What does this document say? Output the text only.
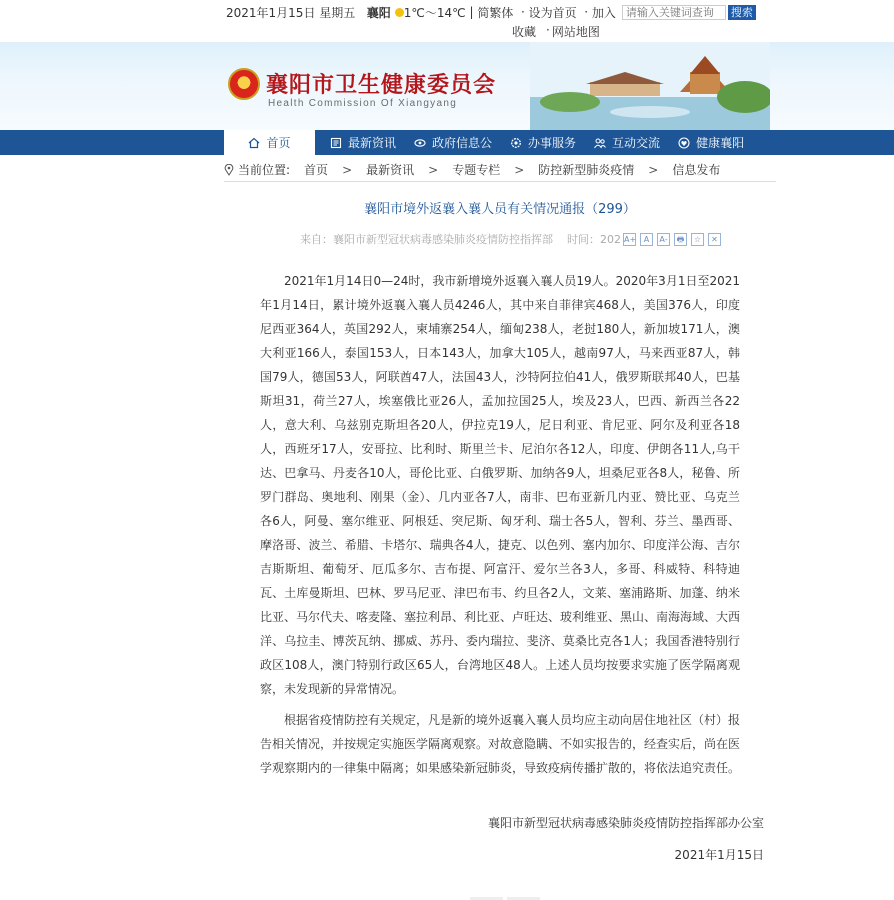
2021年1月15日
星期五
襄阳 1℃～14℃
|
简繁体 · 设为首页 · 加入
请输入关键词查询	搜索
收藏 · 网站地图
襄阳市卫生健康委员会
Health Commission Of Xiangyang
首页	最新资讯	政府信息公	办事服务	互动交流	健康襄阳
当前位置: 首页 > 最新资讯 > 专题专栏 > 防控新型肺炎疫情 > 信息发布
襄阳市境外返襄入襄人员有关情况通报（299）
来自：襄阳市新型冠状病毒感染肺炎疫情防控指挥部
时间：202 A+ A	A-	🖶	☆	✕

2021年1月14日0—24时，我市新增境外返襄入襄人员19人。2020年3月1日至2021年1月14日，累计境外返襄入襄人员4246人，其中来自菲律宾468人，美国376人，印度尼西亚364人，英国292人，柬埔寨254人，缅甸238人，老挝180人，新加坡171人，澳大利亚166人，泰国153人，日本143人，加拿大105人，越南97人，马来西亚87人，韩国79人，德国53人，阿联酋47人，法国43人，沙特阿拉伯41人，俄罗斯联邦40人，巴基斯坦31，荷兰27人，埃塞俄比亚26人，孟加拉国25人，埃及23人，巴西、新西兰各22人，意大利、乌兹别克斯坦各20人，伊拉克19人，尼日利亚、肯尼亚、阿尔及利亚各18人，西班牙17人，安哥拉、比利时、斯里兰卡、尼泊尔各12人，印度、伊朗各11人,乌干达、巴拿马、丹麦各10人，哥伦比亚、白俄罗斯、加纳各9人，坦桑尼亚各8人，秘鲁、所罗门群岛、奥地利、刚果（金）、几内亚各7人，南非、巴布亚新几内亚、赞比亚、乌克兰各6人，阿曼、塞尔维亚、阿根廷、突尼斯、匈牙利、瑞士各5人，智利、芬兰、墨西哥、摩洛哥、波兰、希腊、卡塔尔、瑞典各4人，捷克、以色列、塞内加尔、印度洋公海、吉尔吉斯斯坦、葡萄牙、厄瓜多尔、吉布提、阿富汗、爱尔兰各3人，多哥、科威特、科特迪瓦、土库曼斯坦、巴林、罗马尼亚、津巴布韦、约旦各2人，文莱、塞浦路斯、加蓬、纳米比亚、马尔代夫、喀麦隆、塞拉利昂、利比亚、卢旺达、玻利维亚、黑山、南海海域、大西洋、乌拉圭、博茨瓦纳、挪威、苏丹、委内瑞拉、斐济、莫桑比克各1人；我国香港特别行政区108人，澳门特别行政区65人，台湾地区48人。上述人员均按要求实施了医学隔离观察，未发现新的异常情况。

根据省疫情防控有关规定，凡是新的境外返襄入襄人员均应主动向居住地社区（村）报告相关情况，并按规定实施医学隔离观察。对故意隐瞒、不如实报告的，经查实后，尚在医学观察期内的一律集中隔离；如果感染新冠肺炎，导致疫病传播扩散的，将依法追究责任。

襄阳市新型冠状病毒感染肺炎疫情防控指挥部办公室
2021年1月15日
